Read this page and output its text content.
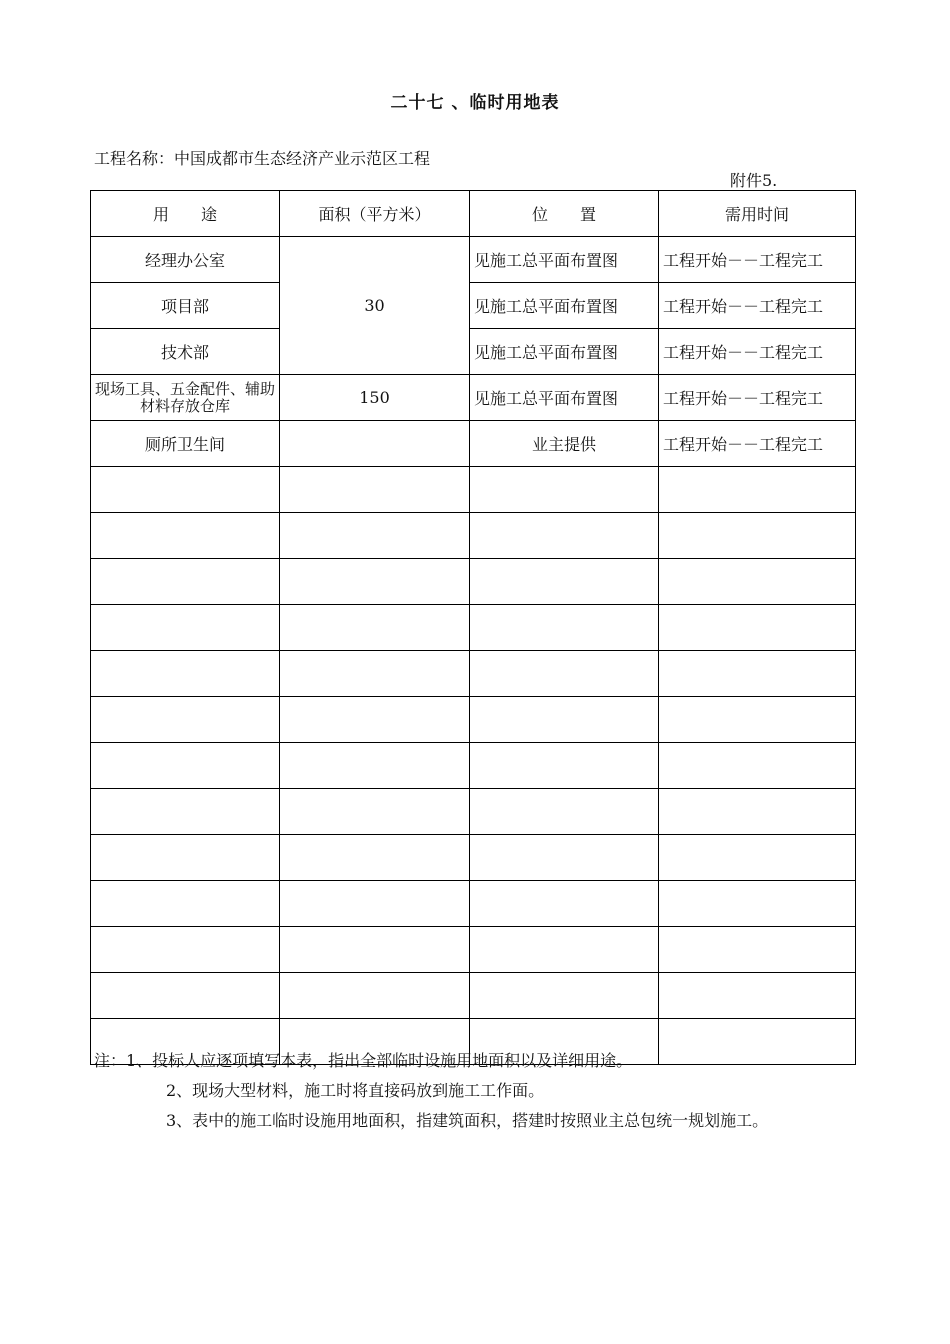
二十七 、临时用地表
工程名称：中国成都市生态经济产业示范区工程
附件5.
用　　途	面积（平方米）	位　　置	需用时间
经理办公室	30	见施工总平面布置图	工程开始－－工程完工
项目部		见施工总平面布置图	工程开始－－工程完工
技术部		见施工总平面布置图	工程开始－－工程完工
现场工具、五金配件、辅助材料存放仓库	150	见施工总平面布置图	工程开始－－工程完工
厕所卫生间		业主提供	工程开始－－工程完工

注：1、投标人应逐项填写本表，指出全部临时设施用地面积以及详细用途。
2、现场大型材料，施工时将直接码放到施工工作面。
3、表中的施工临时设施用地面积，指建筑面积，搭建时按照业主总包统一规划施工。
